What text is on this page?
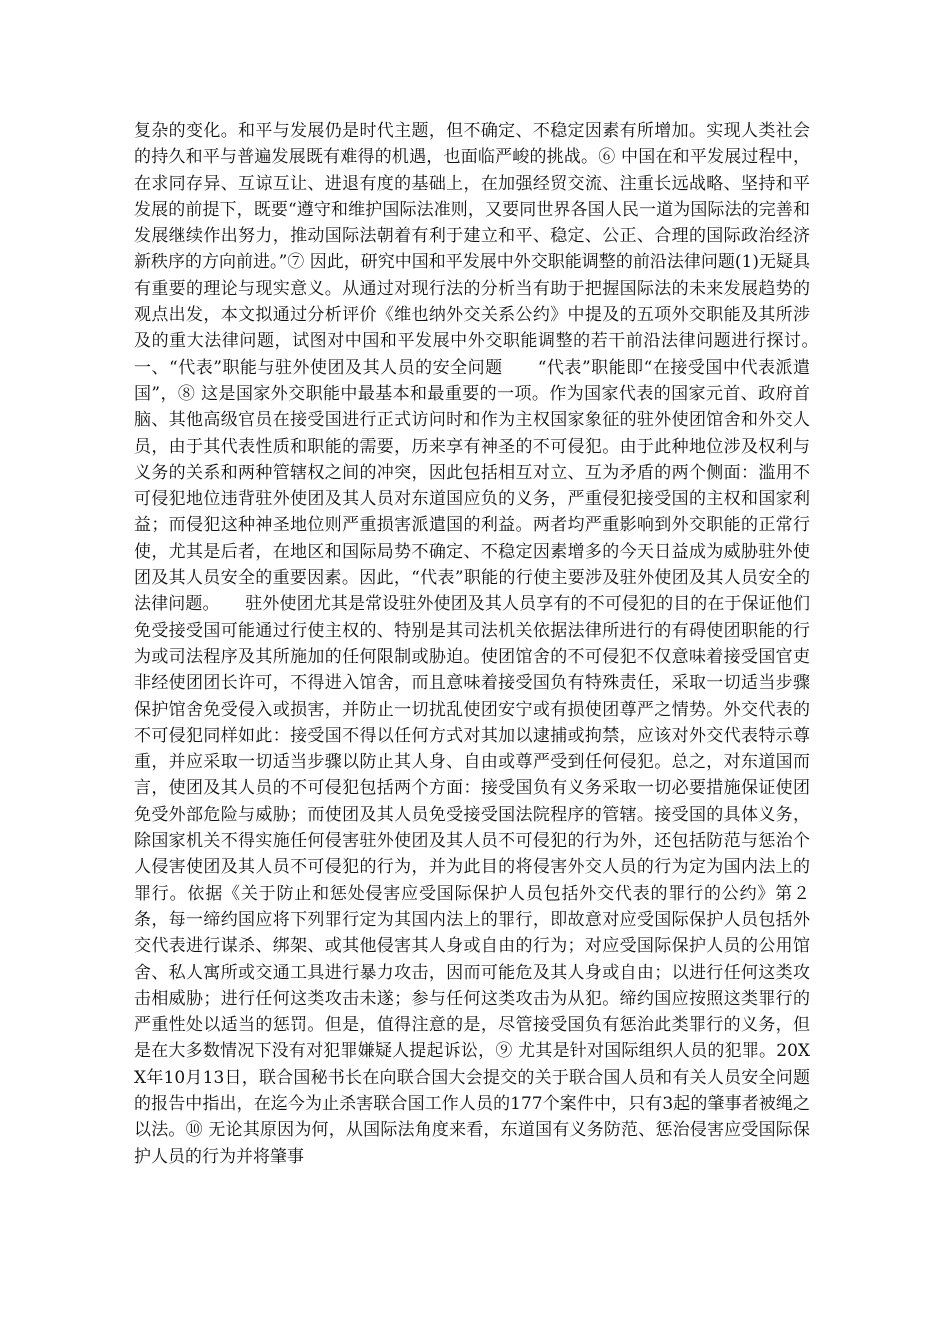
复杂的变化。和平与发展仍是时代主题，但不确定、不稳定因素有所增加。实现人类社会的持久和平与普遍发展既有难得的机遇，也面临严峻的挑战。⑥ 中国在和平发展过程中，在求同存异、互谅互让、进退有度的基础上，在加强经贸交流、注重长远战略、坚持和平发展的前提下，既要“遵守和维护国际法准则，又要同世界各国人民一道为国际法的完善和发展继续作出努力，推动国际法朝着有利于建立和平、稳定、公正、合理的国际政治经济新秩序的方向前进。”⑦ 因此，研究中国和平发展中外交职能调整的前沿法律问题(1)无疑具有重要的理论与现实意义。从通过对现行法的分析当有助于把握国际法的未来发展趋势的观点出发，本文拟通过分析评价《维也纳外交关系公约》中提及的五项外交职能及其所涉及的重大法律问题，试图对中国和平发展中外交职能调整的若干前沿法律问题进行探讨。　　一、“代表”职能与驻外使团及其人员的安全问题　　“代表”职能即“在接受国中代表派遣国”，⑧ 这是国家外交职能中最基本和最重要的一项。作为国家代表的国家元首、政府首脑、其他高级官员在接受国进行正式访问时和作为主权国家象征的驻外使团馆舍和外交人员，由于其代表性质和职能的需要，历来享有神圣的不可侵犯。由于此种地位涉及权利与义务的关系和两种管辖权之间的冲突，因此包括相互对立、互为矛盾的两个侧面：滥用不可侵犯地位违背驻外使团及其人员对东道国应负的义务，严重侵犯接受国的主权和国家利益；而侵犯这种神圣地位则严重损害派遣国的利益。两者均严重影响到外交职能的正常行使，尤其是后者，在地区和国际局势不确定、不稳定因素增多的今天日益成为威胁驻外使团及其人员安全的重要因素。因此，“代表”职能的行使主要涉及驻外使团及其人员安全的法律问题。　　驻外使团尤其是常设驻外使团及其人员享有的不可侵犯的目的在于保证他们免受接受国可能通过行使主权的、特别是其司法机关依据法律所进行的有碍使团职能的行为或司法程序及其所施加的任何限制或胁迫。使团馆舍的不可侵犯不仅意味着接受国官吏非经使团团长许可，不得进入馆舍，而且意味着接受国负有特殊责任，采取一切适当步骤保护馆舍免受侵入或损害，并防止一切扰乱使团安宁或有损使团尊严之情势。外交代表的不可侵犯同样如此：接受国不得以任何方式对其加以逮捕或拘禁，应该对外交代表特示尊重，并应采取一切适当步骤以防止其人身、自由或尊严受到任何侵犯。总之，对东道国而言，使团及其人员的不可侵犯包括两个方面：接受国负有义务采取一切必要措施保证使团免受外部危险与威胁；而使团及其人员免受接受国法院程序的管辖。接受国的具体义务，除国家机关不得实施任何侵害驻外使团及其人员不可侵犯的行为外，还包括防范与惩治个人侵害使团及其人员不可侵犯的行为，并为此目的将侵害外交人员的行为定为国内法上的罪行。依据《关于防止和惩处侵害应受国际保护人员包括外交代表的罪行的公约》第２条，每一缔约国应将下列罪行定为其国内法上的罪行，即故意对应受国际保护人员包括外交代表进行谋杀、绑架、或其他侵害其人身或自由的行为；对应受国际保护人员的公用馆舍、私人寓所或交通工具进行暴力攻击，因而可能危及其人身或自由；以进行任何这类攻击相威胁；进行任何这类攻击未遂；参与任何这类攻击为从犯。缔约国应按照这类罪行的严重性处以适当的惩罚。但是，值得注意的是，尽管接受国负有惩治此类罪行的义务，但是在大多数情况下没有对犯罪嫌疑人提起诉讼，⑨ 尤其是针对国际组织人员的犯罪。20XX年10月13日，联合国秘书长在向联合国大会提交的关于联合国人员和有关人员安全问题的报告中指出，在迄今为止杀害联合国工作人员的177个案件中，只有3起的肇事者被绳之以法。⑩ 无论其原因为何，从国际法角度来看，东道国有义务防范、惩治侵害应受国际保护人员的行为并将肇事
